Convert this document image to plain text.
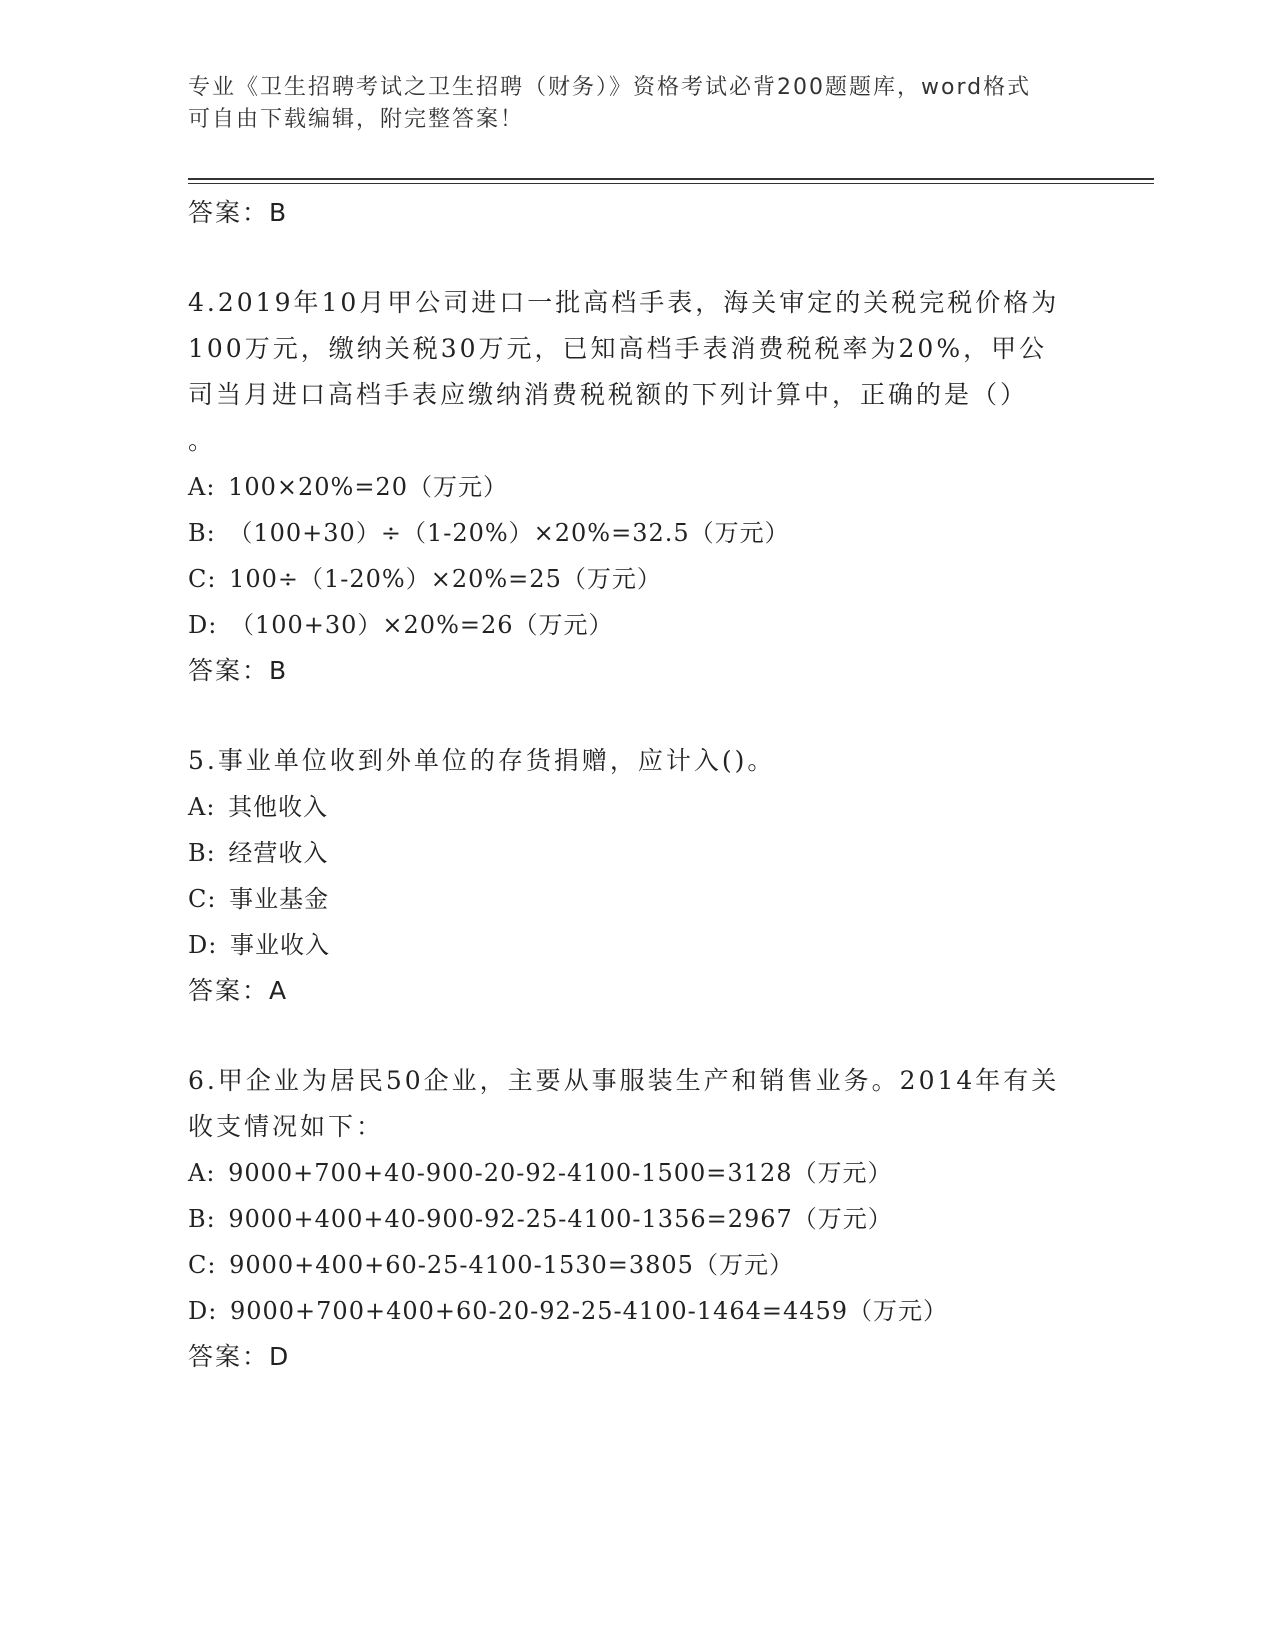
专业《卫生招聘考试之卫生招聘（财务）》资格考试必背200题题库，word格式
可自由下载编辑，附完整答案！
答案：B
4.2019年10月甲公司进口一批高档手表，海关审定的关税完税价格为
100万元，缴纳关税30万元，已知高档手表消费税税率为20%，甲公
司当月进口高档手表应缴纳消费税税额的下列计算中，正确的是（）
。
A: 100×20%=20（万元）
B: （100+30）÷（1-20%）×20%=32.5（万元）
C: 100÷（1-20%）×20%=25（万元）
D: （100+30）×20%=26（万元）
答案：B
5.事业单位收到外单位的存货捐赠，应计入()。
A: 其他收入
B: 经营收入
C: 事业基金
D: 事业收入
答案：A
6.甲企业为居民50企业，主要从事服装生产和销售业务。2014年有关
收支情况如下：
A: 9000+700+40-900-20-92-4100-1500=3128（万元）
B: 9000+400+40-900-92-25-4100-1356=2967（万元）
C: 9000+400+60-25-4100-1530=3805（万元）
D: 9000+700+400+60-20-92-25-4100-1464=4459（万元）
答案：D
